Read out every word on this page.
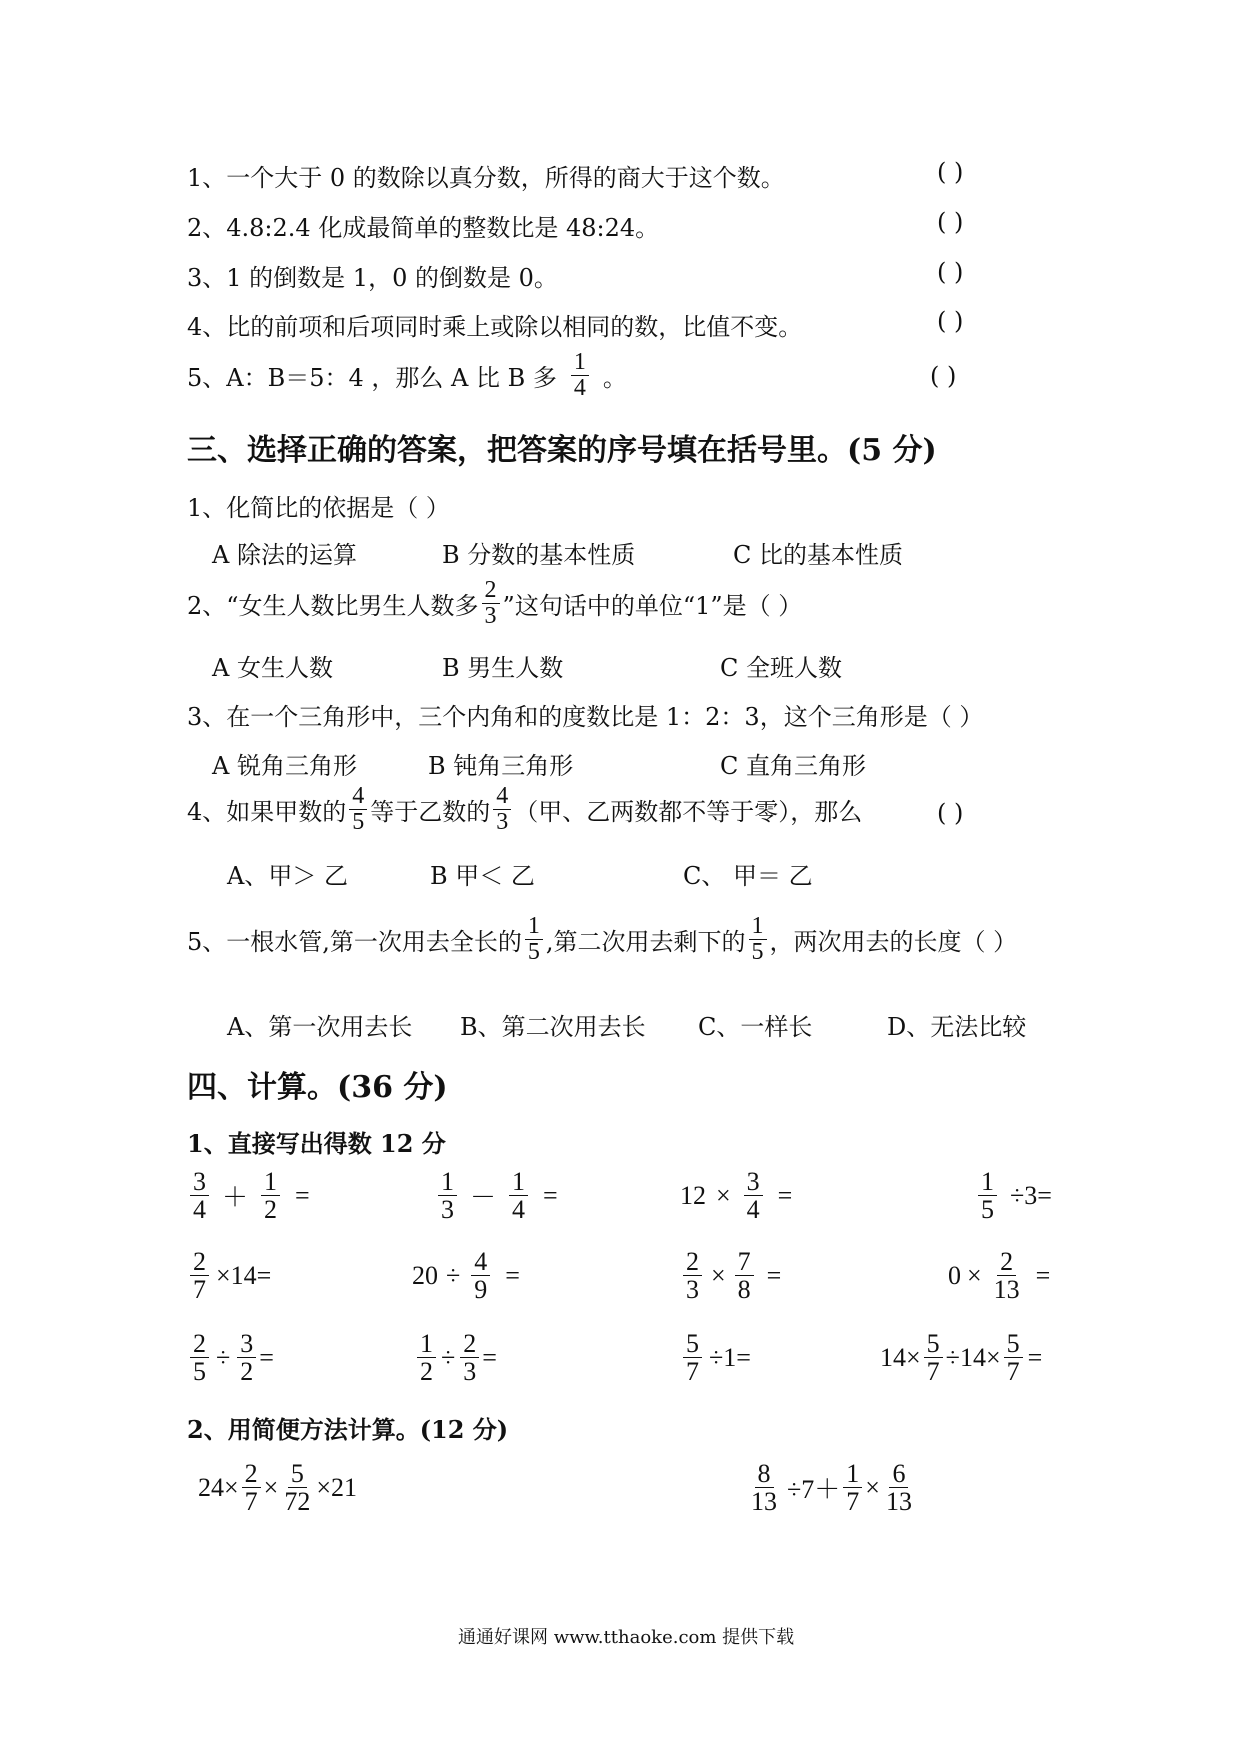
1、一个大于 0 的数除以真分数，所得的商大于这个数。	( )
2、4.8:2.4 化成最简单的整数比是 48:24。	( )
3、1 的倒数是 1，0 的倒数是 0。	( )
4、比的前项和后项同时乘上或除以相同的数，比值不变。	( )
5、A：B＝5：4 ，那么 A 比 B 多 $\frac{1}{4}$ 。	( )
三、选择正确的答案，把答案的序号填在括号里。(5 分)
1、化简比的依据是（ ）
A 除法的运算	B 分数的基本性质	C 比的基本性质
2、“女生人数比男生人数多 $\frac{2}{3}$ ”这句话中的单位“1”是（ ）
A 女生人数	B 男生人数	C 全班人数
3、在一个三角形中，三个内角和的度数比是 1：2：3，这个三角形是（ ）
A 锐角三角形	B 钝角三角形	C 直角三角形
4、如果甲数的 $\frac{4}{5}$ 等于乙数的 $\frac{4}{3}$ （甲、乙两数都不等于零），那么	( )
A、甲＞ 乙	B 甲＜ 乙	C、 甲＝ 乙
5、一根水管,第一次用去全长的 $\frac{1}{5}$ ,第二次用去剩下的 $\frac{1}{5}$ ，两次用去的长度（ ）
A、第一次用去长 B、第二次用去长 C、一样长	D、无法比较
四、计算。(36 分)
1、直接写出得数 12 分
$\frac{3}{4} + \frac{1}{2}$ =	$\frac{1}{3} - \frac{1}{4}$ =	$12 \times \frac{3}{4}$ =	$\frac{1}{5} \div 3=$
$\frac{2}{7} \times 14=$	$20 \div \frac{4}{9}$ =	$\frac{2}{3} \times \frac{7}{8}$ =	$0 \times \frac{2}{13}$ =
$\frac{2}{5} \div \frac{3}{2}$ =	$\frac{1}{2} \div \frac{2}{3}$ =	$\frac{5}{7} \div 1=$	$14\times \frac{5}{7} \div 14\times \frac{5}{7}$ =
2、用简便方法计算。(12 分)
$24\times \frac{2}{7} \times \frac{5}{72} \times 21$	$\frac{8}{13} \div 7+ \frac{1}{7} \times \frac{6}{13}$
通通好课网 www.tthaoke.com 提供下载
